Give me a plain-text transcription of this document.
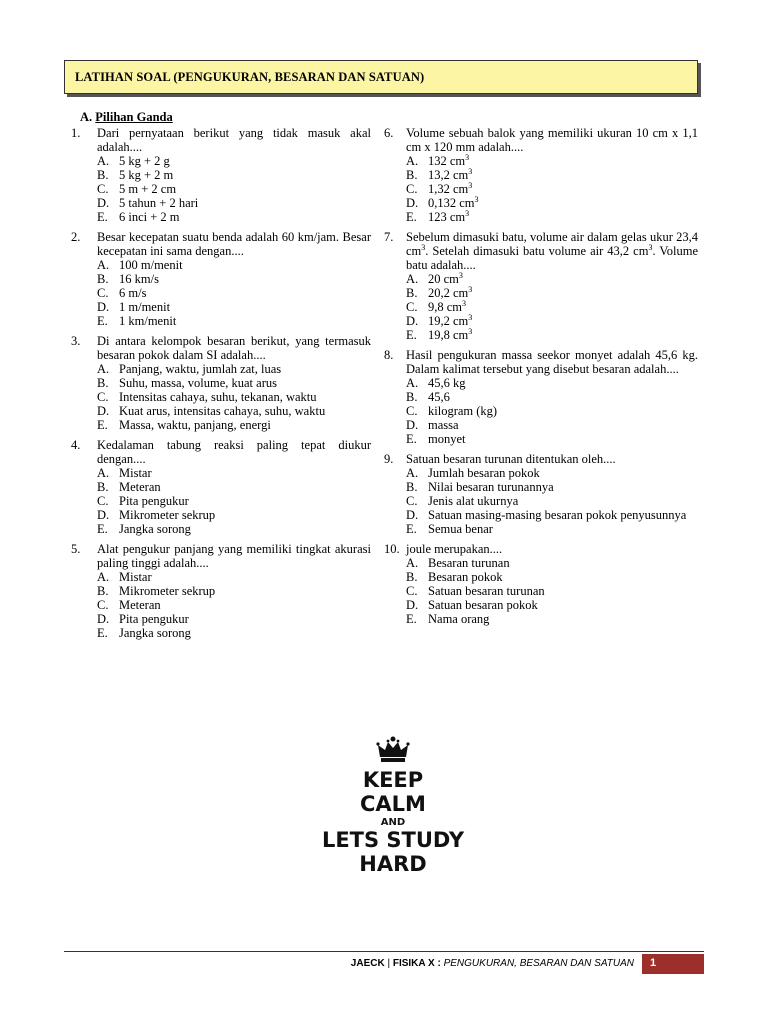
LATIHAN SOAL (PENGUKURAN, BESARAN DAN SATUAN)
A. Pilihan Ganda
1. Dari pernyataan berikut yang tidak masuk akal adalah....
A. 5 kg + 2 g
B. 5 kg + 2 m
C. 5 m + 2 cm
D. 5 tahun + 2 hari
E. 6 inci + 2 m
2. Besar kecepatan suatu benda adalah 60 km/jam. Besar kecepatan ini sama dengan....
A. 100 m/menit
B. 16 km/s
C. 6 m/s
D. 1 m/menit
E. 1 km/menit
3. Di antara kelompok besaran berikut, yang termasuk besaran pokok dalam SI adalah....
A. Panjang, waktu, jumlah zat, luas
B. Suhu, massa, volume, kuat arus
C. Intensitas cahaya, suhu, tekanan, waktu
D. Kuat arus, intensitas cahaya, suhu, waktu
E. Massa, waktu, panjang, energi
4. Kedalaman tabung reaksi paling tepat diukur dengan....
A. Mistar
B. Meteran
C. Pita pengukur
D. Mikrometer sekrup
E. Jangka sorong
5. Alat pengukur panjang yang memiliki tingkat akurasi paling tinggi adalah....
A. Mistar
B. Mikrometer sekrup
C. Meteran
D. Pita pengukur
E. Jangka sorong
6. Volume sebuah balok yang memiliki ukuran 10 cm x 1,1 cm x 120 mm adalah....
A. 132 $cm^3$
B. 13,2 $cm^3$
C. 1,32 $cm^3$
D. 0,132 $cm^3$
E. 123 $cm^3$
7. Sebelum dimasuki batu, volume air dalam gelas ukur 23,4 $cm^3$. Setelah dimasuki batu volume air 43,2 $cm^3$. Volume batu adalah....
A. 20 $cm^3$
B. 20,2 $cm^3$
C. 9,8 $cm^3$
D. 19,2 $cm^3$
E. 19,8 $cm^3$
8. Hasil pengukuran massa seekor monyet adalah 45,6 kg. Dalam kalimat tersebut yang disebut besaran adalah....
A. 45,6 kg
B. 45,6
C. kilogram (kg)
D. massa
E. monyet
9. Satuan besaran turunan ditentukan oleh....
A. Jumlah besaran pokok
B. Nilai besaran turunannya
C. Jenis alat ukurnya
D. Satuan masing-masing besaran pokok penyusunnya
E. Semua benar
10. joule merupakan....
A. Besaran turunan
B. Besaran pokok
C. Satuan besaran turunan
D. Satuan besaran pokok
E. Nama orang
KEEP
CALM
AND
LETS STUDY
HARD
JAECK | FISIKA X : PENGUKURAN, BESARAN DAN SATUAN 1
